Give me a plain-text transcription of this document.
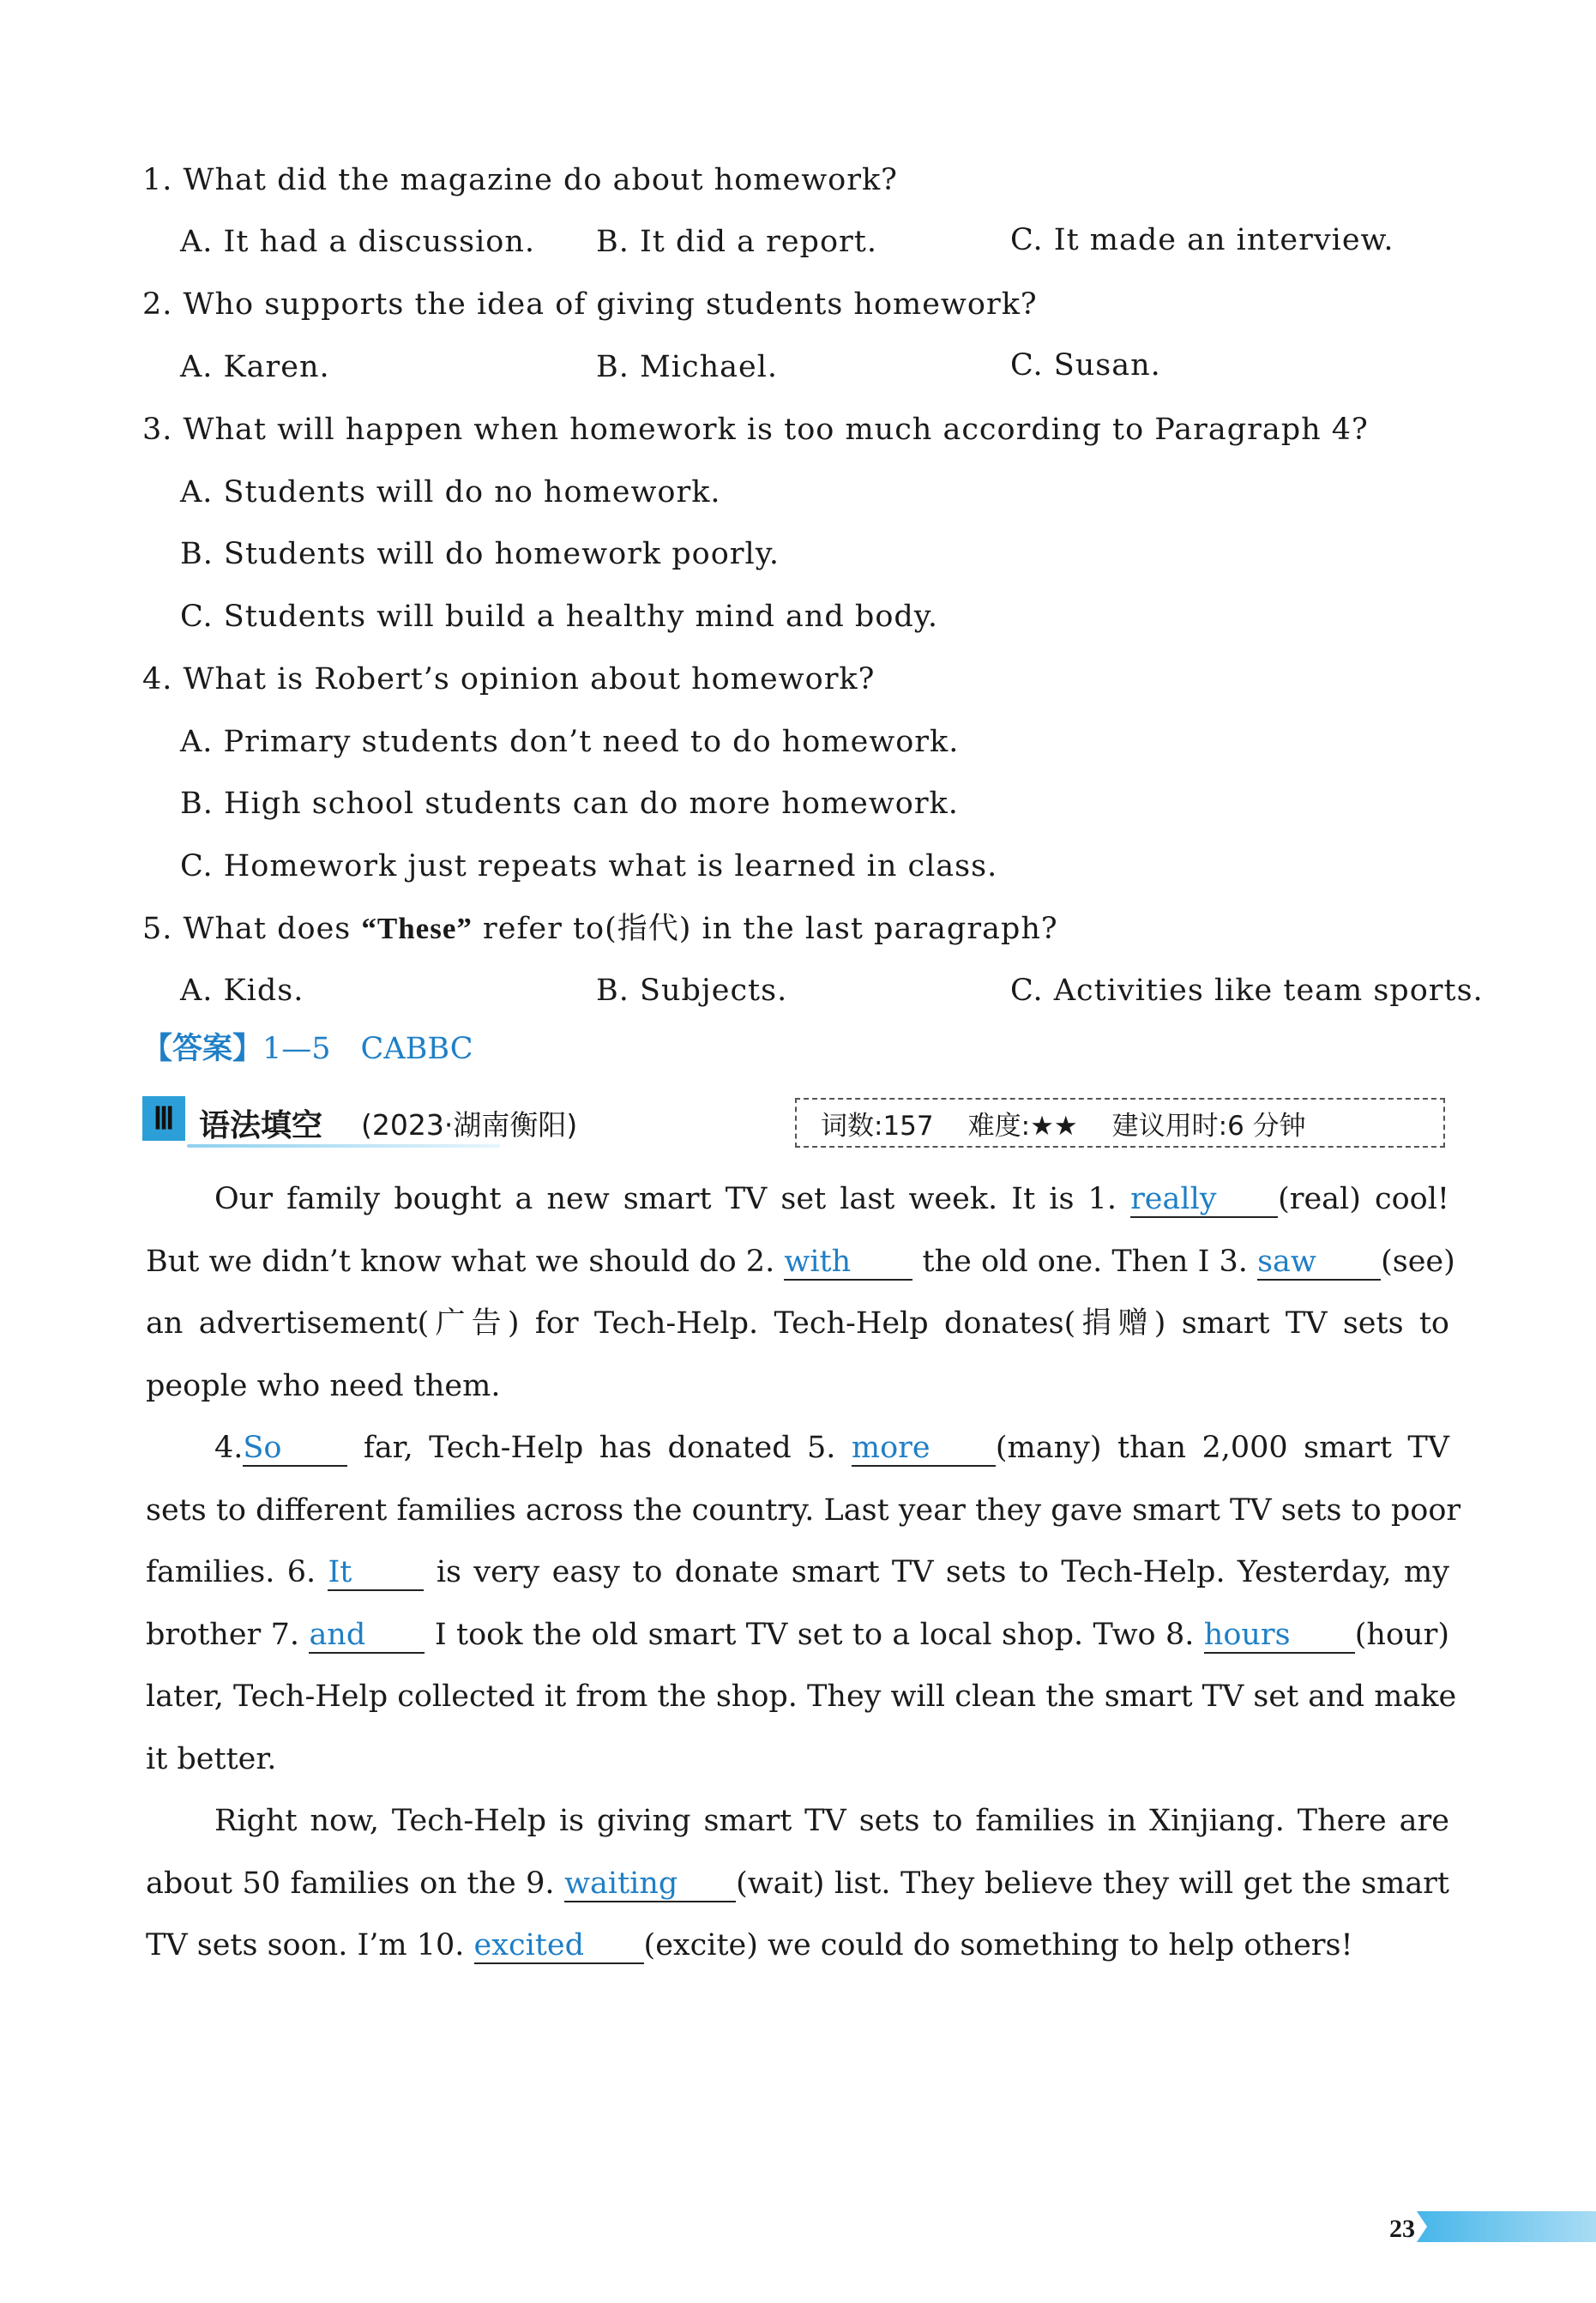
1. What did the magazine do about homework?
A. It had a discussion. B. It did a report.	C. It made an interview.
2. Who supports the idea of giving students homework?
A. Karen.	B. Michael.	C. Susan.
3. What will happen when homework is too much according to Paragraph 4?
A. Students will do no homework.
B. Students will do homework poorly.
C. Students will build a healthy mind and body.
4. What is Robert’s opinion about homework?
A. Primary students don’t need to do homework.
B. High school students can do more homework.
C. Homework just repeats what is learned in class.
5. What does “These” refer to(指代) in the last paragraph?
A. Kids.	B. Subjects.	C. Activities like team sports.
【答案】1—5　CABBC
Ⅲ 语法填空 (2023·湖南衡阳)	词数:157 难度:★★ 建议用时:6 分钟
Our family bought a new smart TV set last week. It is 1. really (real) cool!
But we didn’t know what we should do 2. with the old one. Then I 3. saw (see)
an advertisement(广告) for Tech-Help. Tech-Help donates(捐赠) smart TV sets to
people who need them.
4.So	far, Tech-Help has donated 5. more (many) than 2,000 smart TV
sets to different families across the country. Last year they gave smart TV sets to poor
families. 6. It	is very easy to donate smart TV sets to Tech-Help. Yesterday, my
brother 7. and I took the old smart TV set to a local shop. Two 8. hours (hour)
later, Tech-Help collected it from the shop. They will clean the smart TV set and make
it better.
Right now, Tech-Help is giving smart TV sets to families in Xinjiang. There are
about 50 families on the 9. waiting (wait) list. They believe they will get the smart
TV sets soon. I’m 10. excited (excite) we could do something to help others!
23
